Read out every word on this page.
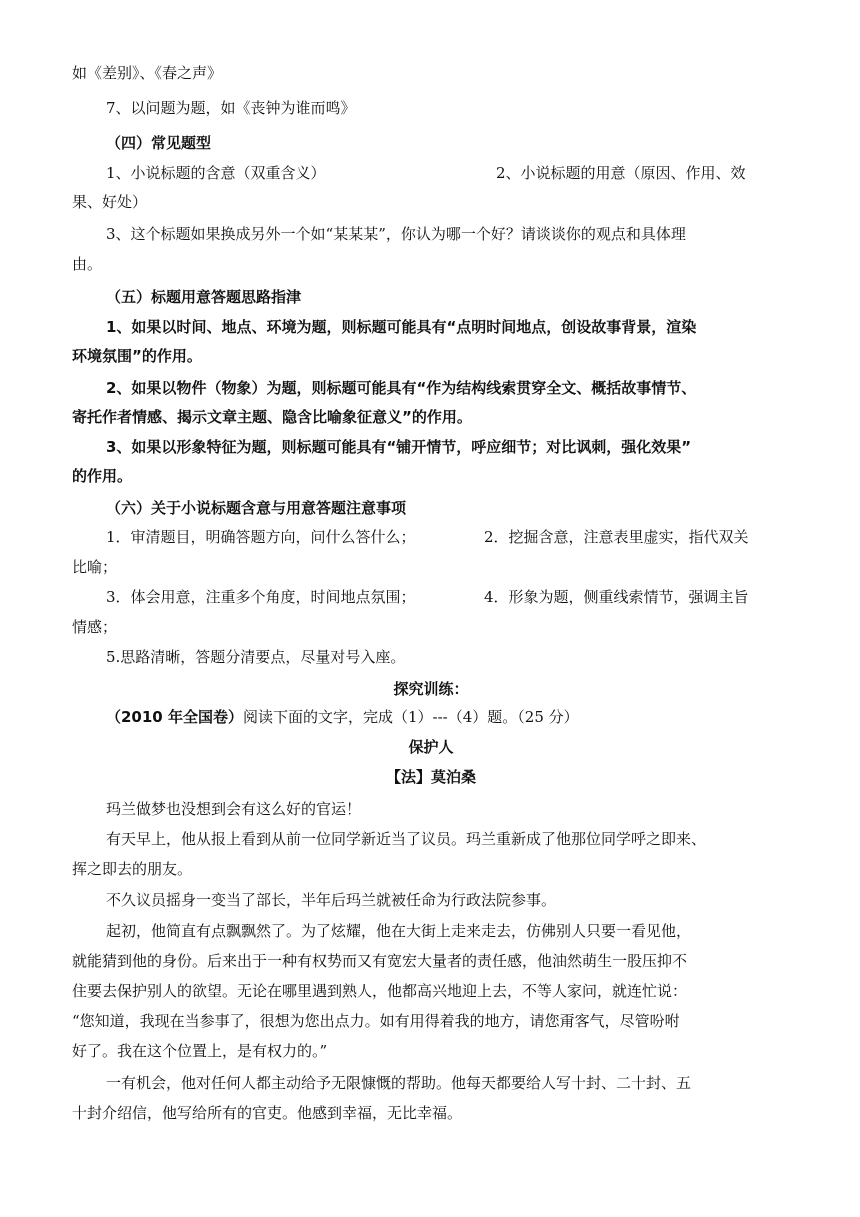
如《差别》、《春之声》
7、以问题为题，如《丧钟为谁而鸣》
（四）常见题型
1、小说标题的含意（双重含义）	2、小说标题的用意（原因、作用、效
果、好处）
3、这个标题如果换成另外一个如“某某某”，你认为哪一个好？请谈谈你的观点和具体理
由。
（五）标题用意答题思路指津
1、如果以时间、地点、环境为题，则标题可能具有“点明时间地点，创设故事背景，渲染
环境氛围”的作用。
2、如果以物件（物象）为题，则标题可能具有“作为结构线索贯穿全文、概括故事情节、
寄托作者情感、揭示文章主题、隐含比喻象征意义”的作用。
3、如果以形象特征为题，则标题可能具有“铺开情节，呼应细节；对比讽刺，强化效果”
的作用。
（六）关于小说标题含意与用意答题注意事项
1．审清题目，明确答题方向，问什么答什么；	2．挖掘含意，注意表里虚实，指代双关
比喻；
3．体会用意，注重多个角度，时间地点氛围；	4．形象为题，侧重线索情节，强调主旨
情感；
5.思路清晰，答题分清要点，尽量对号入座。
探究训练：
（2010 年全国卷）阅读下面的文字，完成（1）---（4）题。（25 分）
保护人
【法】莫泊桑
玛兰做梦也没想到会有这么好的官运！
有天早上，他从报上看到从前一位同学新近当了议员。玛兰重新成了他那位同学呼之即来、
挥之即去的朋友。
不久议员摇身一变当了部长，半年后玛兰就被任命为行政法院参事。
起初，他简直有点飘飘然了。为了炫耀，他在大街上走来走去，仿佛别人只要一看见他，
就能猜到他的身份。后来出于一种有权势而又有宽宏大量者的责任感，他油然萌生一股压抑不
住要去保护别人的欲望。无论在哪里遇到熟人，他都高兴地迎上去，不等人家问，就连忙说：
“您知道，我现在当参事了，很想为您出点力。如有用得着我的地方，请您甭客气，尽管吩咐
好了。我在这个位置上，是有权力的。”
一有机会，他对任何人都主动给予无限慷慨的帮助。他每天都要给人写十封、二十封、五
十封介绍信，他写给所有的官吏。他感到幸福，无比幸福。
